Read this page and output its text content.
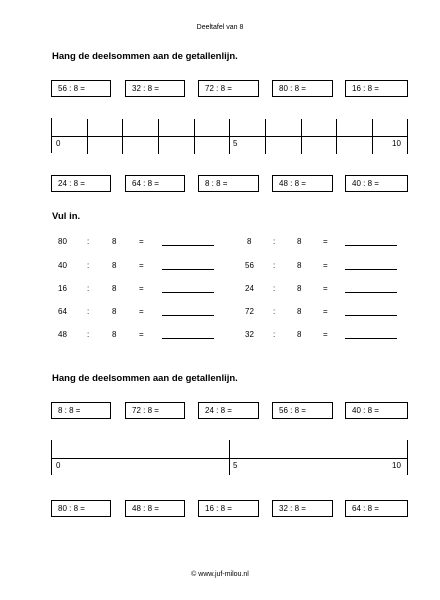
Deeltafel van 8
Hang de deelsommen aan de getallenlijn.
56 : 8 =	32 : 8 =	72 : 8 =	80 : 8 =	16 : 8 =
0	5	10
24 : 8 =	64 : 8 =	8 : 8 =	48 : 8 =	40 : 8 =
Vul in.
80	:	8	=	8	:	8	=
40	:	8	=	56 :	8	=
16	:	8	=	24 :	8	=
64	:	8	=	72 :	8	=
48	:	8	=	32 :	8	=
Hang de deelsommen aan de getallenlijn.
8 : 8 =	72 : 8 =	24 : 8 =	56 : 8 =	40 : 8 =
0	5	10
80 : 8 =	48 : 8 =	16 : 8 =	32 : 8 =	64 : 8 =
© www.juf-milou.nl
